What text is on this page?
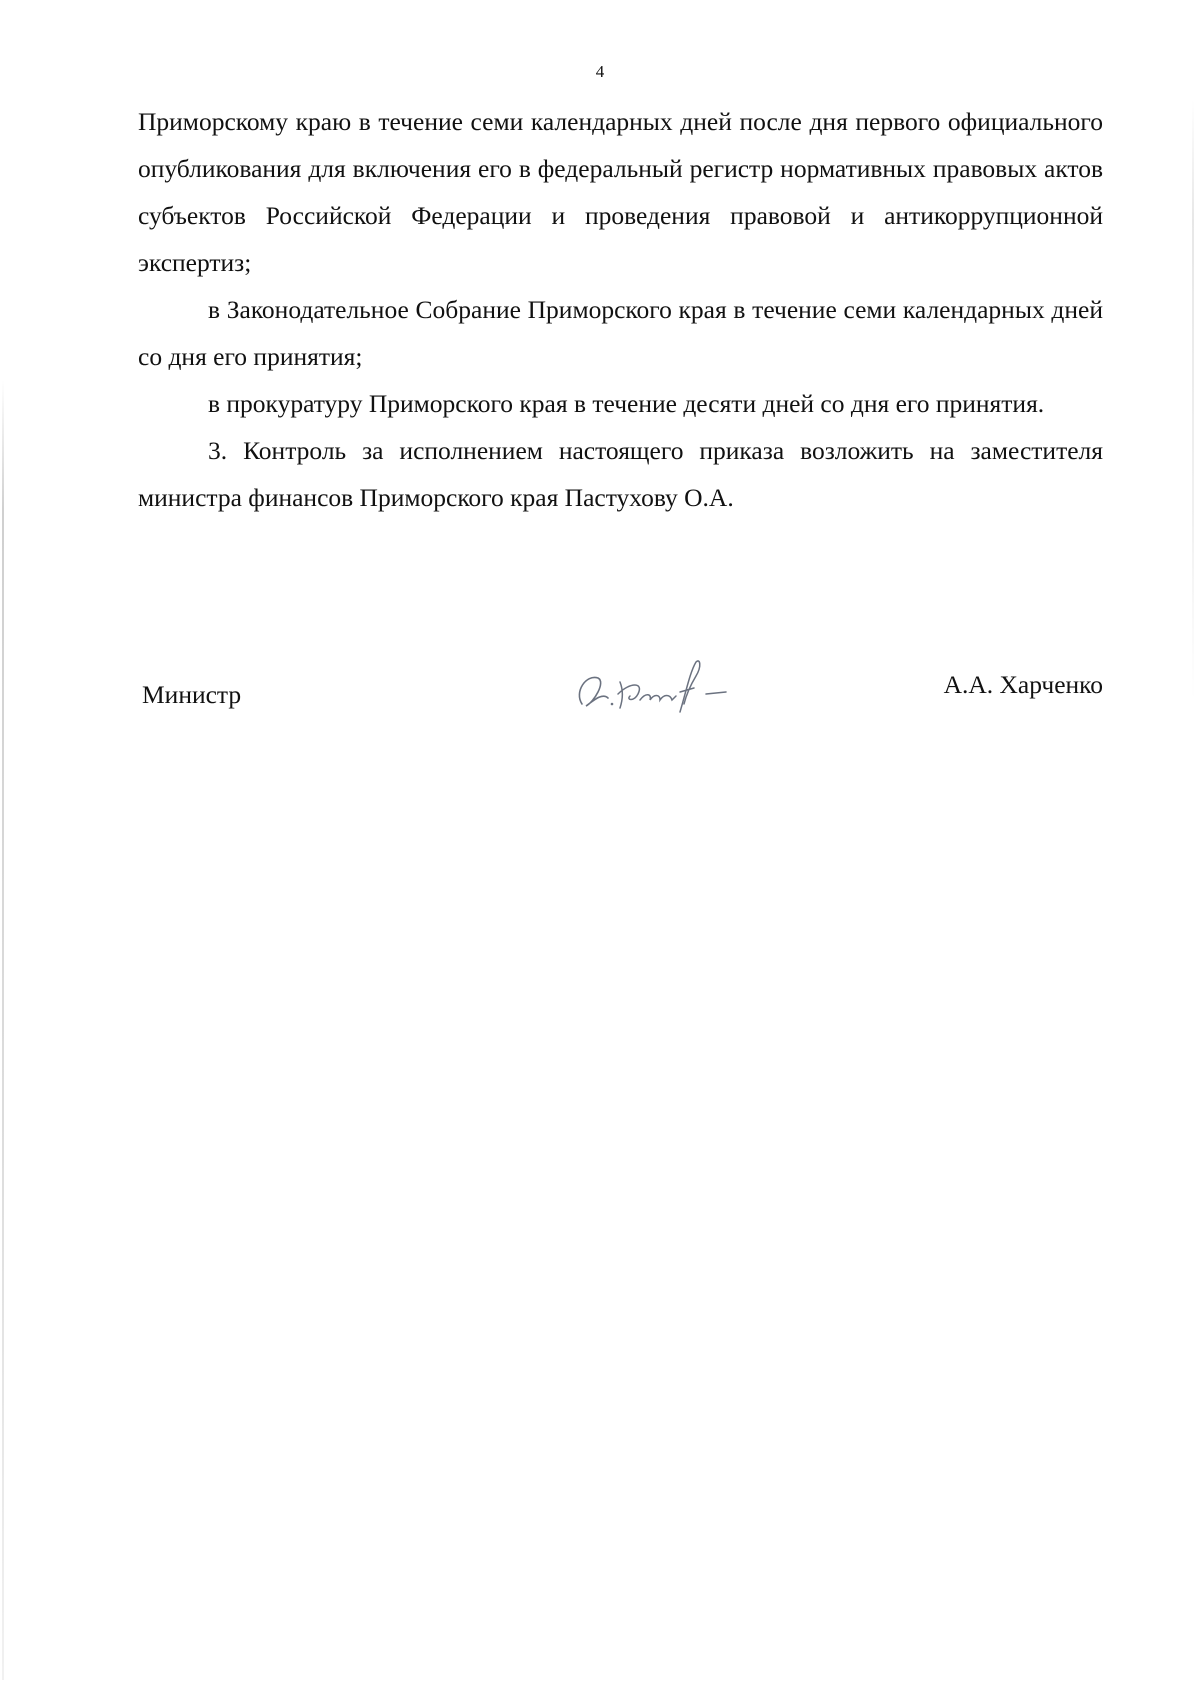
4

Приморскому краю в течение семи календарных дней после дня первого официального опубликования для включения его в федеральный регистр нормативных правовых актов субъектов Российской Федерации и проведения правовой и антикоррупционной экспертиз;

в Законодательное Собрание Приморского края в течение семи календарных дней со дня его принятия;

в прокуратуру Приморского края в течение десяти дней со дня его принятия.

3. Контроль за исполнением настоящего приказа возложить на заместителя министра финансов Приморского края Пастухову О.А.

Министр	А.А. Харченко
